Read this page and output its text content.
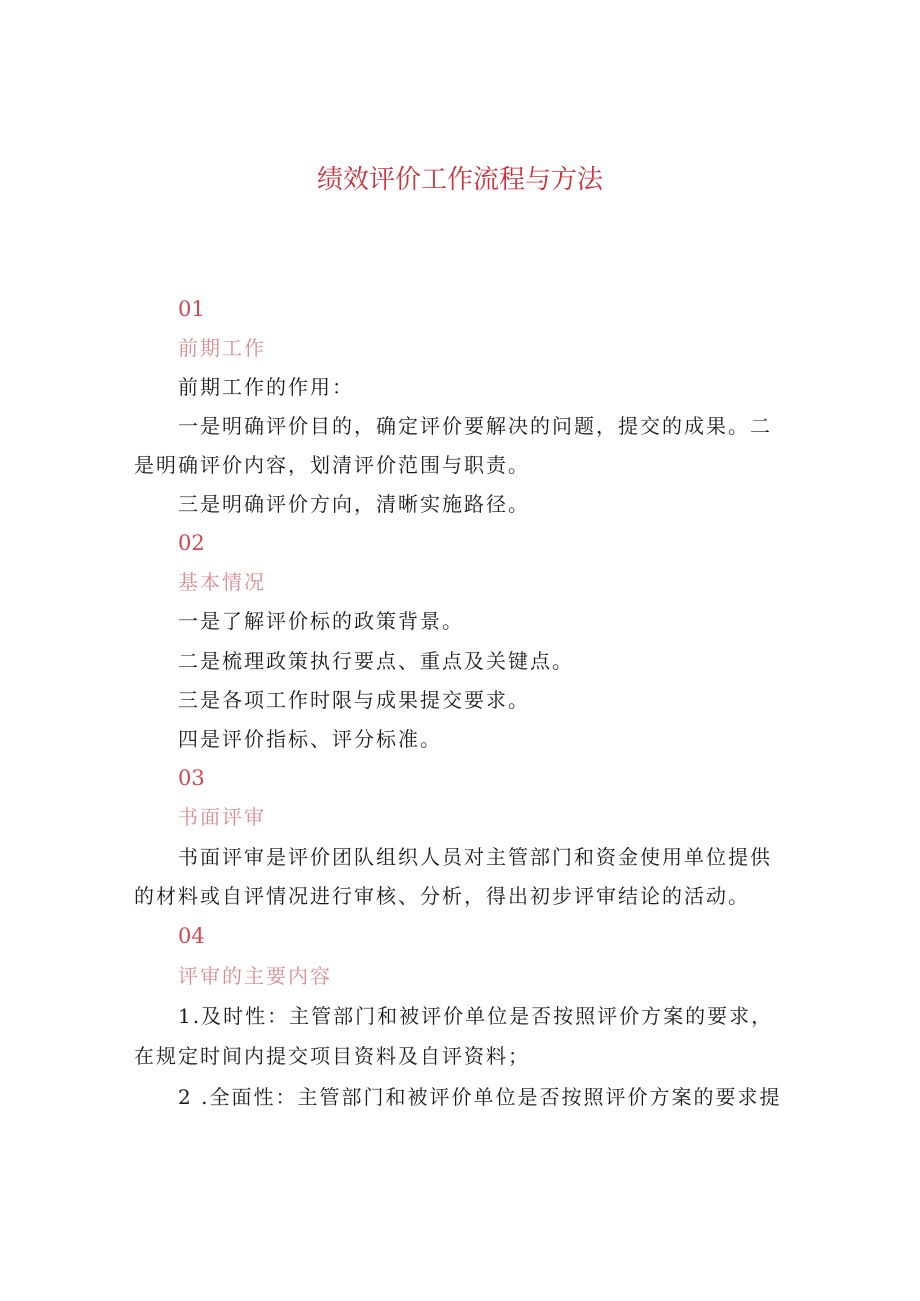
绩效评价工作流程与方法
01
前期工作
前期工作的作用：
一是明确评价目的，确定评价要解决的问题，提交的成果。二
是明确评价内容，划清评价范围与职责。
三是明确评价方向，清晰实施路径。
02
基本情况
一是了解评价标的政策背景。
二是梳理政策执行要点、重点及关键点。
三是各项工作时限与成果提交要求。
四是评价指标、评分标准。
03
书面评审
书面评审是评价团队组织人员对主管部门和资金使用单位提供
的材料或自评情况进行审核、分析，得出初步评审结论的活动。
04
评审的主要内容
1.及时性：主管部门和被评价单位是否按照评价方案的要求，
在规定时间内提交项目资料及自评资料；
2 .全面性：主管部门和被评价单位是否按照评价方案的要求提
